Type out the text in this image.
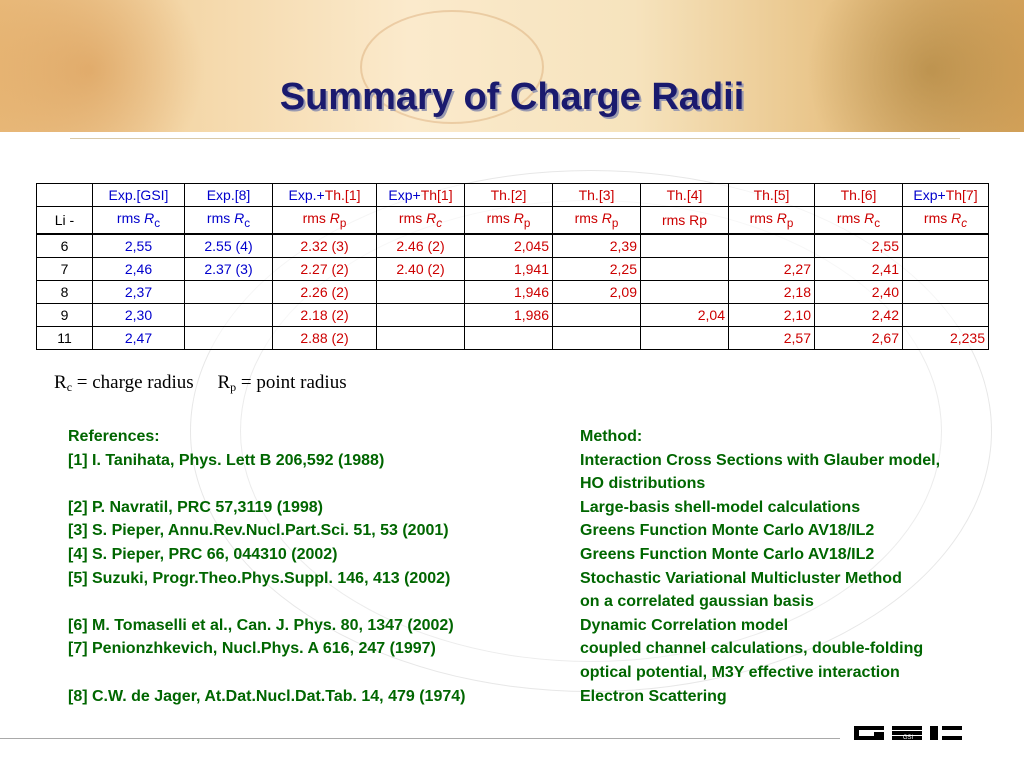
Summary of Charge Radii
	Exp.[GSI]	Exp.[8]	Exp.+Th.[1]	Exp+Th[1]	Th.[2]	Th.[3]	Th.[4]	Th.[5]	Th.[6]	Exp+Th[7]
Li -	rms $R_c$	rms $R_c$	rms $R_p$	rms $R_c$	rms $R_p$	rms $R_p$	rms Rp	rms $R_p$	rms $R_c$	rms $R_c$
6	2,55	2.55 (4)	2.32 (3)	2.46 (2)	2,045	2,39			2,55	
7	2,46	2.37 (3)	2.27 (2)	2.40 (2)	1,941	2,25		2,27	2,41	
8	2,37		2.26 (2)		1,946	2,09		2,18	2,40	
9	2,30		2.18 (2)		1,986		2,04	2,10	2,42	
11	2,47		2.88 (2)					2,57	2,67	2,235
$R_c$ = charge radius $R_p$ = point radius
References:	Method:
[1] I. Tanihata, Phys. Lett B 206,592 (1988)	Interaction Cross Sections with Glauber model,
HO distributions
[2] P. Navratil, PRC 57,3119 (1998)	Large-basis shell-model calculations
[3] S. Pieper, Annu.Rev.Nucl.Part.Sci. 51, 53 (2001)	Greens Function Monte Carlo AV18/IL2
[4] S. Pieper, PRC 66, 044310 (2002)	Greens Function Monte Carlo AV18/IL2
[5] Suzuki, Progr.Theo.Phys.Suppl. 146, 413 (2002)	Stochastic Variational Multicluster Method
on a correlated gaussian basis
[6] M. Tomaselli et al., Can. J. Phys. 80, 1347 (2002)	Dynamic Correlation model
[7] Penionzhkevich, Nucl.Phys. A 616, 247 (1997)	coupled channel calculations, double-folding
optical potential, M3Y effective interaction
[8] C.W. de Jager, At.Dat.Nucl.Dat.Tab. 14, 479 (1974)	Electron Scattering
GSI
